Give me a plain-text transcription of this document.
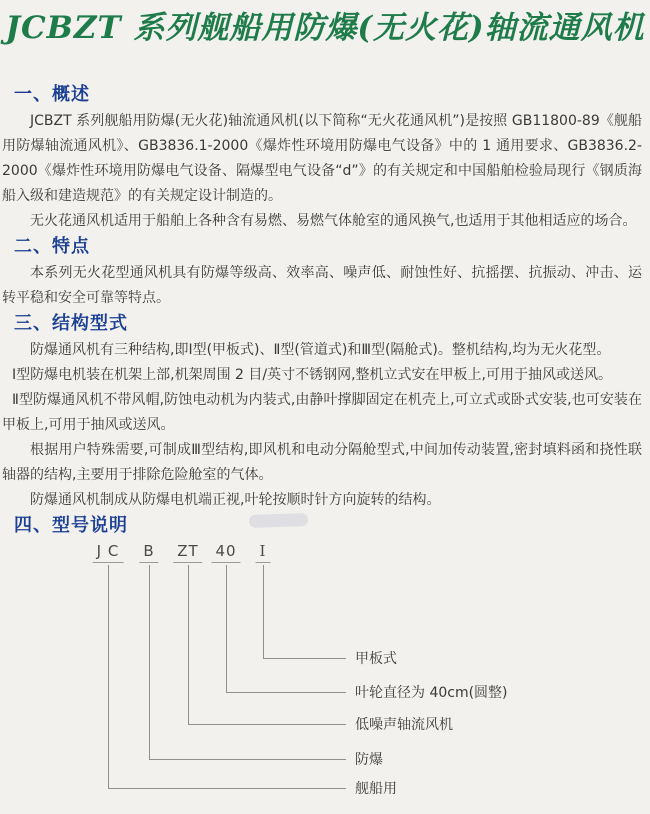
JCBZT 系列舰船用防爆(无火花)轴流通风机
一、概述

JCBZT 系列舰船用防爆(无火花)轴流通风机(以下简称“无火花通风机”)是按照 GB11800-89《舰船用防爆轴流通风机》、GB3836.1-2000《爆炸性环境用防爆电气设备》中的 1 通用要求、GB3836.2-2000《爆炸性环境用防爆电气设备、隔爆型电气设备“d”》的有关规定和中国船舶检验局现行《钢质海船入级和建造规范》的有关规定设计制造的。

无火花通风机适用于船舶上各种含有易燃、易燃气体舱室的通风换气,也适用于其他相适应的场合。

二、特点

本系列无火花型通风机具有防爆等级高、效率高、噪声低、耐蚀性好、抗摇摆、抗振动、冲击、运转平稳和安全可靠等特点。

三、结构型式

防爆通风机有三种结构,即Ⅰ型(甲板式)、Ⅱ型(管道式)和Ⅲ型(隔舱式)。整机结构,均为无火花型。

Ⅰ型防爆电机装在机架上部,机架周围 2 目/英寸不锈钢网,整机立式安在甲板上,可用于抽风或送风。

Ⅱ型防爆通风机不带风帽,防蚀电动机为内装式,由静叶撑脚固定在机壳上,可立式或卧式安装,也可安装在甲板上,可用于抽风或送风。

根据用户特殊需要,可制成Ⅲ型结构,即风机和电动分隔舱型式,中间加传动装置,密封填料函和挠性联轴器的结构,主要用于排除危险舱室的气体。

防爆通风机制成从防爆电机端正视,叶轮按顺时针方向旋转的结构。

四、型号说明
J C B ZT 40 I
甲板式
叶轮直径为 40cm(圆整)
低噪声轴流风机
防爆
舰船用
